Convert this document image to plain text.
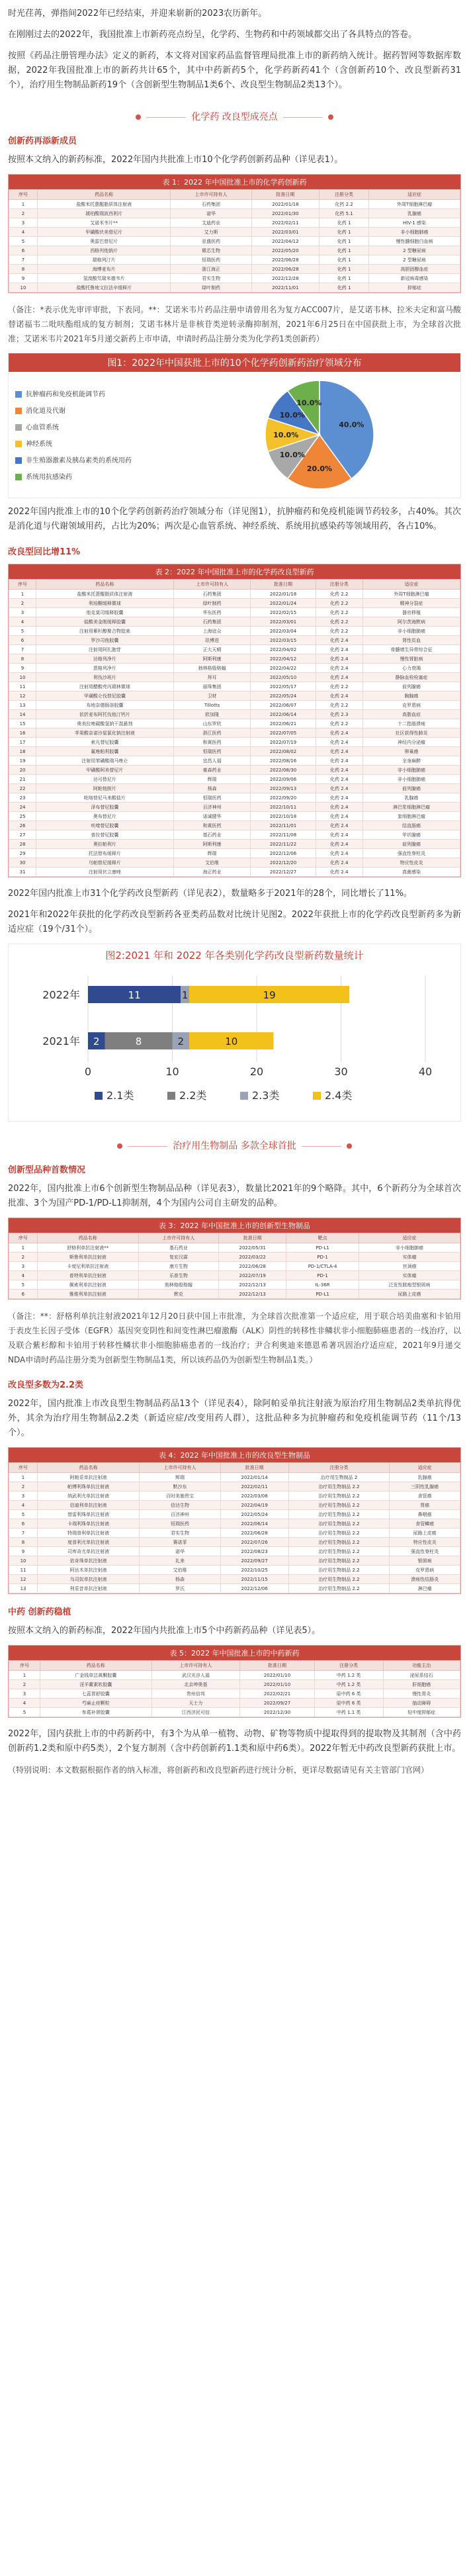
时光荏苒，弹指间2022年已经结束，并迎来崭新的2023农历新年。

在刚刚过去的2022年，我国批准上市新药亮点纷呈，化学药、生物药和中药领域都交出了各具特点的答卷。

按照《药品注册管理办法》定义的新药，本文将对国家药品监督管理局批准上市的新药纳入统计。据药智网等数据库数据，2022年我国批准上市的新药共计65个，其中中药新药5个，化学药新药41个（含创新药10个、改良型新药31个），治疗用生物制品新药19个（含创新型生物制品1类6个、改良型生物制品2类13个）。

化学药 改良型成亮点
创新药再添新成员

按照本文纳入的新药标准，2022年国内共批准上市10个化学药创新药品种（详见表1）。

表 1：2022 年中国批准上市的化学药创新药
序号	药品名称	上市许可持有人	批准日期	注册分类	适应症
1	盐酸米托蒽醌脂质体注射液	石药集团	2022/01/18	化药 2.2	外周T细胞淋巴瘤
2	琥珀酸瑞波西利片	诺华	2022/01/30	化药 5.1	乳腺癌
3	艾诺米韦片**	艾迪药业	2022/02/11	化药 1	HIV-1 感染
4	甲磺酸伏美替尼片	艾力斯	2022/03/01	化药 1	非小细胞肺癌
5	奥雷巴替尼片	亚盛医药	2022/04/12	化药 1	慢性髓细胞白血病
6	西格列他钠片	微芯生物	2022/05/20	化药 1	2 型糖尿病
7	瑞格列汀片	恒瑞医药	2022/06/28	化药 1	2 型糖尿病
8	海博麦布片	浙江海正	2022/06/28	化药 1	高胆固醇血症
9	氢溴酸氘瑞米德韦片	君实生物	2022/12/28	化药 1	新冠病毒感染
10	盐酸托鲁地文拉法辛缓释片	绿叶制药	2022/11/01	化药 1	抑郁症

（备注：*表示优先审评审批，下表同。**：艾诺米韦片药品注册申请曾用名为复方ACC007片，是艾诺韦林、拉米夫定和富马酸替诺福韦二吡呋酯组成的复方制剂；艾诺韦林片是非核苷类逆转录酶抑制剂，2021年6月25日在中国获批上市，为全球首次批准；艾诺米韦片2021年5月递交新药上市申请，申请时药品注册分类为化学药1类创新药）

图1：2022年中国获批上市的10个化学药创新药治疗领域分布
抗肿瘤药和免疫机能调节药
消化道及代谢
心血管系统
神经系统
非生殖器激素及胰岛素类的系统用药
系统用抗感染药
40.0%
20.0%
10.0%
10.0%
10.0%
10.0%

2022年国内批准上市的10个化学药创新药治疗领域分布（详见图1），抗肿瘤药和免疫机能调节药较多，占40%。其次是消化道与代谢领域用药，占比为20%；两次是心血管系统、神经系统、系统用抗感染药等领域用药，各占10%。

改良型回比增11%
表 2：2022 年中国批准上市的化学药改良型新药
序号	药品名称	上市许可持有人	批准日期	注册分类	适应症
1	盐酸米托蒽醌脂质体注射液	石药集团	2022/01/18	化药 2.2	外周T细胞淋巴瘤
2	利培酮缓释微球	绿叶制药	2022/01/24	化药 2.2	精神分裂症
3	他克莫司缓释胶囊	华东医药	2022/02/15	化药 2.2	器官移植
4	盐酸美金刚缓释胶囊	石药集团	2022/03/01	化药 2.2	阿尔茨海默病
5	注射用紫杉醇聚合物胶束	上海谊众	2022/03/04	化药 2.2	非小细胞肺癌
6	罗沙司他胶囊	珐博进	2022/03/15	化药 2.4	肾性贫血
7	注射用阿扎胞苷	正大天晴	2022/04/02	化药 2.4	骨髓增生异常综合征
8	达格列净片	阿斯利康	2022/04/12	化药 2.4	慢性肾脏病
9	恩格列净片	勃林格殷格翰	2022/04/22	化药 2.4	心力衰竭
10	利伐沙班片	拜耳	2022/05/10	化药 2.4	静脉血栓栓塞症
11	注射用醋酸亮丙瑞林微球	丽珠集团	2022/05/17	化药 2.2	前列腺癌
12	甲磺酸仑伐替尼胶囊	卫材	2022/05/24	化药 2.4	胸腺癌
13	布地奈德肠溶胶囊	Tillotts	2022/06/07	化药 2.2	克罗恩病
14	依折麦布阿托伐他汀钙片	欧加隆	2022/06/14	化药 2.3	高脂血症
15	奥美拉唑碳酸氢钠干混悬剂	山东罗欣	2022/06/21	化药 2.2	十二指肠溃疡
16	苹果酸奈诺沙星氯化钠注射液	浙江医药	2022/07/05	化药 2.4	社区获得性肺炎
17	索凡替尼胶囊	和黄医药	2022/07/19	化药 2.4	神经内分泌瘤
18	氟唑帕利胶囊	恒瑞医药	2022/08/02	化药 2.4	卵巢癌
19	注射用苯磺酸瑞马唑仑	宜昌人福	2022/08/16	化药 2.4	全身麻醉
20	甲磺酸阿美替尼片	豪森药业	2022/08/30	化药 2.4	非小细胞肺癌
21	达可替尼片	辉瑞	2022/09/06	化药 2.4	非小细胞肺癌
22	阿帕他胺片	杨森	2022/09/13	化药 2.4	前列腺癌
23	吡咯替尼马来酸盐片	恒瑞医药	2022/09/20	化药 2.4	乳腺癌
24	泽布替尼胶囊	百济神州	2022/10/11	化药 2.4	淋巴浆细胞淋巴瘤
25	奥布替尼片	诺诚健华	2022/10/18	化药 2.4	套细胞淋巴瘤
26	呋喹替尼胶囊	和黄医药	2022/11/01	化药 2.4	结直肠癌
27	普拉替尼胶囊	基石药业	2022/11/08	化药 2.4	甲状腺癌
28	奥拉帕利片	阿斯利康	2022/11/22	化药 2.4	前列腺癌
29	托法替布缓释片	辉瑞	2022/12/06	化药 2.4	强直性脊柱炎
30	乌帕替尼缓释片	艾伯维	2022/12/20	化药 2.4	特应性皮炎
31	注射用伏立康唑	海正药业	2022/12/27	化药 2.4	真菌感染

2022年国内批准上市31个化学药改良型新药（详见表2），数量略多于2021年的28个，同比增长了11%。

2021年和2022年获批的化学药改良型新药各亚类药品数对比统计见图2。2022年获批上市的化学药改良型新药多为新适应症（19个/31个）。

图2:2021 年和 2022 年各类别化学药改良型新药数量统计
0	10	20	30	40
2022年	11	1	19
2021年 2	8	2	10
2.1类	2.2类	2.3类	2.4类
治疗用生物制品 多款全球首批
创新型品种首数情况

2022年，国内批准上市6个创新型生物制品品种（详见表3），数量比2021年的9个略降。其中，6个新药分为全球首次批准、3个为国产PD-1/PD-L1抑制剂，4个为国内公司自主研发的品种。

表 3：2022 年中国批准上市的创新型生物制品
序号	药品名称	上市许可持有人	批准日期	靶点	适应症
1	舒格利单抗注射液**	基石药业	2022/05/31	PD-L1	非小细胞肺癌
2	斯鲁利单抗注射液	复宏汉霖	2022/03/22	PD-1	实体瘤
3	卡度尼利单抗注射液	康方生物	2022/06/28	PD-1/CTLA-4	宫颈癌
4	普特利单抗注射液	乐普生物	2022/07/19	PD-1	实体瘤
5	佩索利单抗注射液	勃林格殷格翰	2022/12/13	IL-36R	泛发性脓疱型银屑病
6	雅维利单抗注射液	默克	2022/12/13	PD-L1	尿路上皮癌

（备注：**：舒格利单抗注射液2021年12月20日获中国上市批准，为全球首次批准第一个适应症，用于联合培美曲塞和卡铂用于表皮生长因子受体（EGFR）基因突变阴性和间变性淋巴瘤激酶（ALK）阴性的转移性非鳞状非小细胞肺癌患者的一线治疗，以及联合紫杉醇和卡铂用于转移性鳞状非小细胞肺癌患者的一线治疗；尹合利奥迪来德恩希著巩固治疗适应症，2021年9月递交NDA申请时药品注册分类为创新型生物制品1类，所以该药品仍为创新型生物制品1类。）

改良型多数为2.2类

2022年，国内批准上市改良型生物制品药品13个（详见表4），除阿帕妥单抗注射液为原治疗用生物制品2类单抗得优外，其余为治疗用生物制品2.2类（新适应症/改变用药人群），这批品种多为抗肿瘤药和免疫机能调节药（11个/13个）。

表 4：2022 年中国批准上市的改良型生物制品
序号	药品名称	上市许可持有人	批准日期	注册分类	适应症
1	阿帕妥单抗注射液	辉瑞	2022/01/14	治疗用生物制品 2	乳腺癌
2	帕博利珠单抗注射液	默沙东	2022/02/11	治疗用生物制品 2.2	三阴性乳腺癌
3	纳武利尤单抗注射液	百时美施贵宝	2022/03/08	治疗用生物制品 2.2	食管癌
4	信迪利单抗注射液	信达生物	2022/04/19	治疗用生物制品 2.2	胃癌
5	替雷利珠单抗注射液	百济神州	2022/05/24	治疗用生物制品 2.2	鼻咽癌
6	卡瑞利珠单抗注射液	恒瑞医药	2022/06/14	治疗用生物制品 2.2	食管鳞癌
7	特瑞普利单抗注射液	君实生物	2022/06/28	治疗用生物制品 2.2	尿路上皮癌
8	度普利尤单抗注射液	赛诺菲	2022/07/26	治疗用生物制品 2.2	特应性皮炎
9	司库奇尤单抗注射液	诺华	2022/08/23	治疗用生物制品 2.2	强直性脊柱炎
10	依奇珠单抗注射液	礼来	2022/09/27	治疗用生物制品 2.2	银屑病
11	阿达木单抗注射液	艾伯维	2022/10/25	治疗用生物制品 2.2	克罗恩病
12	乌司奴单抗注射液	杨森	2022/11/15	治疗用生物制品 2.2	溃疡性结肠炎
13	利妥昔单抗注射液	罗氏	2022/12/06	治疗用生物制品 2.2	淋巴瘤
中药 创新药稳植

按照本文纳入的新药标准，2022年国内共批准上市5个中药新药品种（详见表5）。

表 5：2022 年中国批准上市的中药新药
序号	药品名称	上市许可持有人	批准日期	注册分类	功能主治
1	广金钱草总黄酮胶囊	武汉光谷人福	2022/01/10	中药 1.2 类	泌尿系结石
2	淫羊藿素软胶囊	北京珅奥基	2022/01/10	中药 1.2 类	肝细胞癌
3	七蕊胃舒胶囊	贵州信邦	2022/02/21	原中药 6 类	慢性胃炎
4	芍麻止痉颗粒	天士力	2022/09/27	原中药 6 类	抽动障碍
5	参葛补肾胶囊	江西济民可信	2022/12/30	中药 1.1 类	轻中度抑郁症

2022年，国内获批上市的中药新药中，有3个为从单一植物、动物、矿物等物质中提取得到的提取物及其制剂（含中药创新药1.2类和原中药5类），2个复方制剂（含中药创新药1.1类和原中药6类）。2022年暂无中药改良型新药获批上市。

（特别说明：本文数据根据作者的纳入标准，将创新药和改良型新药进行统计分析，更详尽数据请见有关主管部门官网）
